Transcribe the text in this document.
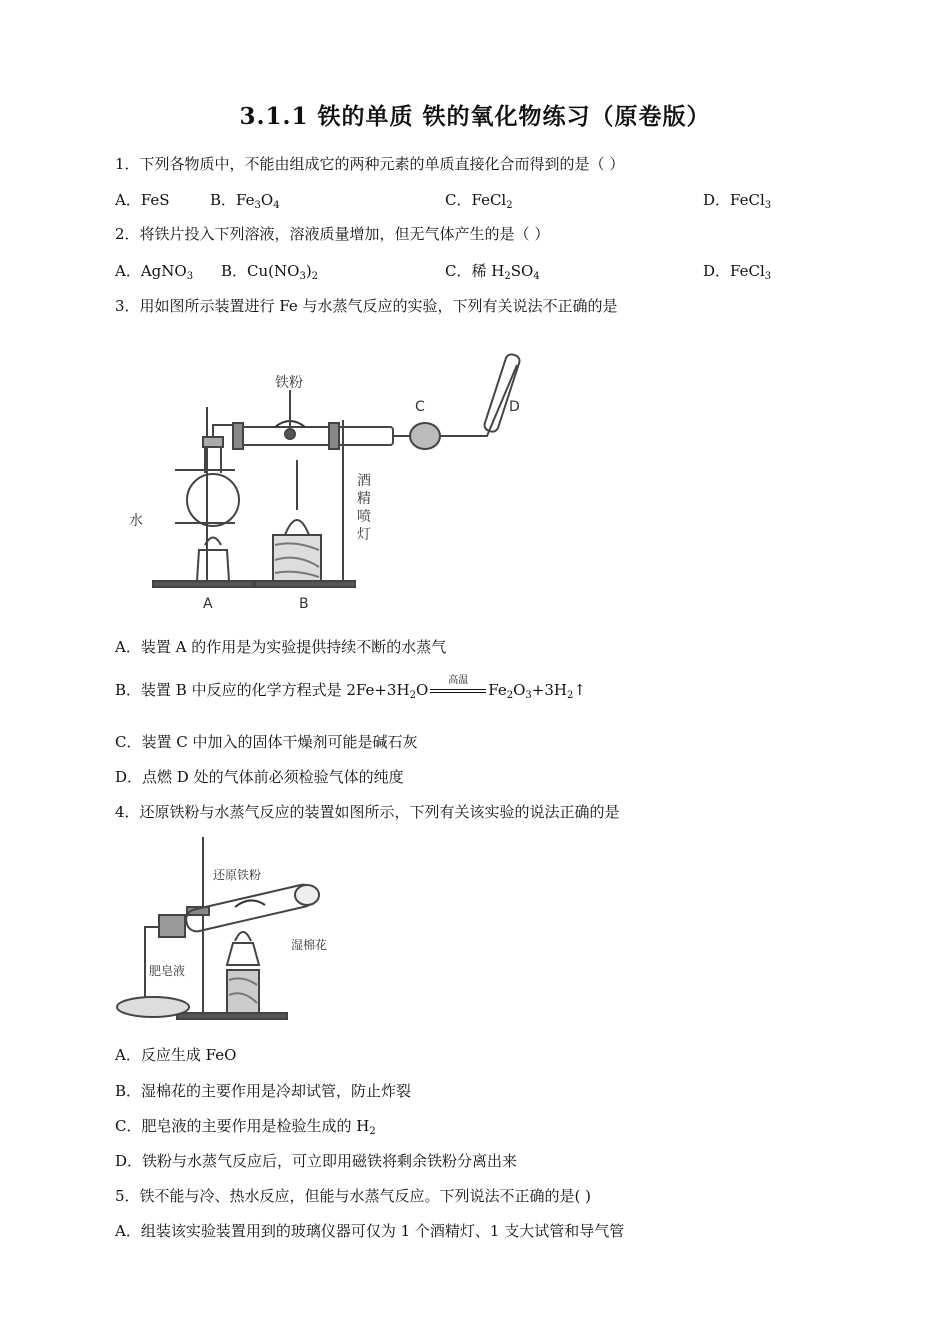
3.1.1 铁的单质 铁的氧化物练习（原卷版）
1．下列各物质中，不能由组成它的两种元素的单质直接化合而得到的是（ ）
A．FeS	B．$Fe_3O_4$	C．FeCl$_2$	D．FeCl$_3$
2．将铁片投入下列溶液，溶液质量增加，但无气体产生的是（ ）
A．AgNO$_3$ B．$Cu(NO_3)_2$	C．稀 $H_2SO_4$	D．FeCl$_3$
3．用如图所示装置进行 Fe 与水蒸气反应的实验，下列有关说法不正确的是
铁粉
水
C	D
酒
精
喷
灯
A	B
A．装置 A 的作用是为实验提供持续不断的水蒸气
B．装置 B 中反应的化学方程式是 $2Fe+3H_2O$
高温
$Fe_2O_3+3H_2↑$
C．装置 C 中加入的固体干燥剂可能是碱石灰
D．点燃 D 处的气体前必须检验气体的纯度
4．还原铁粉与水蒸气反应的装置如图所示，下列有关该实验的说法正确的是
还原铁粉
湿棉花
肥皂液
A．反应生成 FeO
B．湿棉花的主要作用是冷却试管，防止炸裂
C．肥皂液的主要作用是检验生成的 $H_2$
D．铁粉与水蒸气反应后，可立即用磁铁将剩余铁粉分离出来
5．铁不能与冷、热水反应，但能与水蒸气反应。下列说法不正确的是( )
A．组装该实验装置用到的玻璃仪器可仅为 1 个酒精灯、1 支大试管和导气管
